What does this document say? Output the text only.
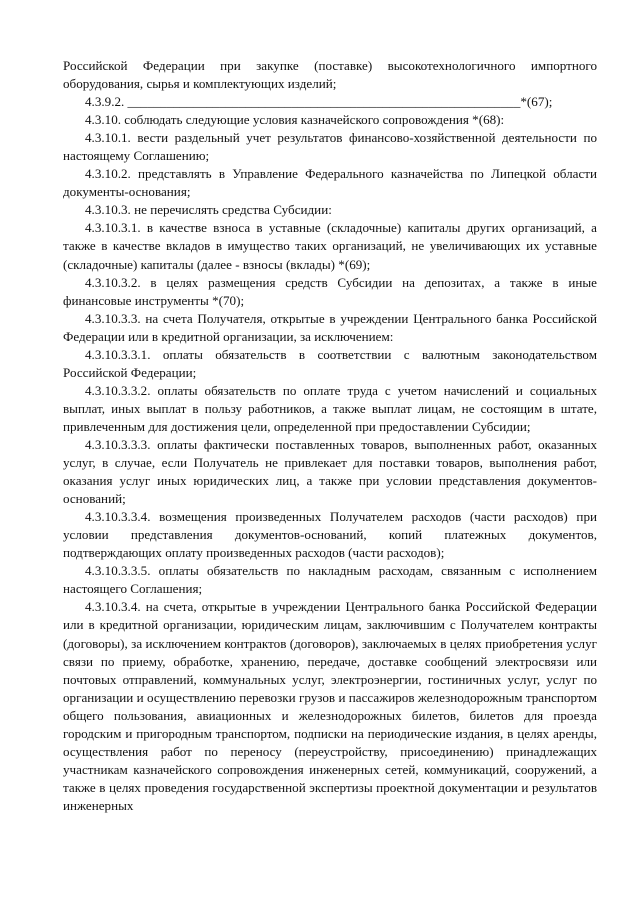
Российской Федерации при закупке (поставке) высокотехнологичного импортного оборудования, сырья и комплектующих изделий;

4.3.9.2. ____________________________________________________________*(67);

4.3.10. соблюдать следующие условия казначейского сопровождения *(68):

4.3.10.1. вести раздельный учет результатов финансово-хозяйственной деятельности по настоящему Соглашению;

4.3.10.2. представлять в Управление Федерального казначейства по Липецкой области документы-основания;

4.3.10.3. не перечислять средства Субсидии:

4.3.10.3.1. в качестве взноса в уставные (складочные) капиталы других организаций, а также в качестве вкладов в имущество таких организаций, не увеличивающих их уставные (складочные) капиталы (далее - взносы (вклады) *(69);

4.3.10.3.2. в целях размещения средств Субсидии на депозитах, а также в иные финансовые инструменты *(70);

4.3.10.3.3. на счета Получателя, открытые в учреждении Центрального банка Российской Федерации или в кредитной организации, за исключением:

4.3.10.3.3.1. оплаты обязательств в соответствии с валютным законодательством Российской Федерации;

4.3.10.3.3.2. оплаты обязательств по оплате труда с учетом начислений и социальных выплат, иных выплат в пользу работников, а также выплат лицам, не состоящим в штате, привлеченным для достижения цели, определенной при предоставлении Субсидии;

4.3.10.3.3.3. оплаты фактически поставленных товаров, выполненных работ, оказанных услуг, в случае, если Получатель не привлекает для поставки товаров, выполнения работ, оказания услуг иных юридических лиц, а также при условии представления документов-оснований;

4.3.10.3.3.4. возмещения произведенных Получателем расходов (части расходов) при условии представления документов-оснований, копий платежных документов, подтверждающих оплату произведенных расходов (части расходов);

4.3.10.3.3.5. оплаты обязательств по накладным расходам, связанным с исполнением настоящего Соглашения;

4.3.10.3.4. на счета, открытые в учреждении Центрального банка Российской Федерации или в кредитной организации, юридическим лицам, заключившим с Получателем контракты (договоры), за исключением контрактов (договоров), заключаемых в целях приобретения услуг связи по приему, обработке, хранению, передаче, доставке сообщений электросвязи или почтовых отправлений, коммунальных услуг, электроэнергии, гостиничных услуг, услуг по организации и осуществлению перевозки грузов и пассажиров железнодорожным транспортом общего пользования, авиационных и железнодорожных билетов, билетов для проезда городским и пригородным транспортом, подписки на периодические издания, в целях аренды, осуществления работ по переносу (переустройству, присоединению) принадлежащих участникам казначейского сопровождения инженерных сетей, коммуникаций, сооружений, а также в целях проведения государственной экспертизы проектной документации и результатов инженерных
